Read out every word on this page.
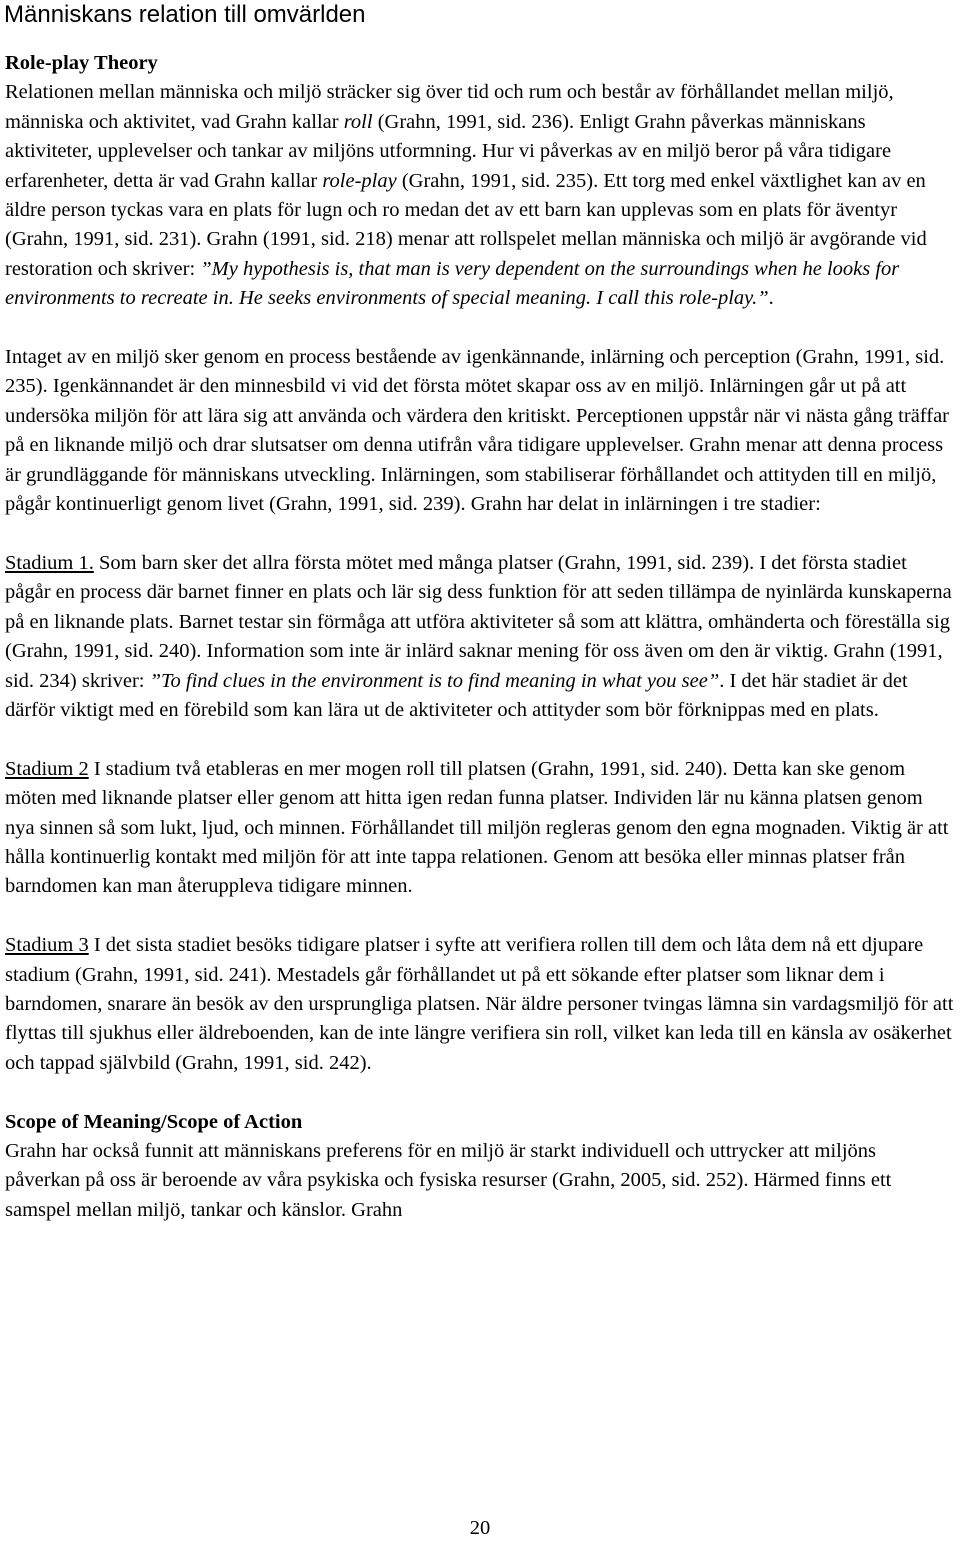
Människans relation till omvärlden
Role-play Theory

Relationen mellan människa och miljö sträcker sig över tid och rum och består av förhållandet mellan miljö, människa och aktivitet, vad Grahn kallar roll (Grahn, 1991, sid. 236). Enligt Grahn påverkas människans aktiviteter, upplevelser och tankar av miljöns utformning. Hur vi påverkas av en miljö beror på våra tidigare erfarenheter, detta är vad Grahn kallar role-play (Grahn, 1991, sid. 235). Ett torg med enkel växtlighet kan av en äldre person tyckas vara en plats för lugn och ro medan det av ett barn kan upplevas som en plats för äventyr (Grahn, 1991, sid. 231). Grahn (1991, sid. 218) menar att rollspelet mellan människa och miljö är avgörande vid restoration och skriver: ”My hypothesis is, that man is very dependent on the surroundings when he looks for environments to recreate in. He seeks environments of special meaning. I call this role-play.”.

Intaget av en miljö sker genom en process bestående av igenkännande, inlärning och perception (Grahn, 1991, sid. 235). Igenkännandet är den minnesbild vi vid det första mötet skapar oss av en miljö. Inlärningen går ut på att undersöka miljön för att lära sig att använda och värdera den kritiskt. Perceptionen uppstår när vi nästa gång träffar på en liknande miljö och drar slutsatser om denna utifrån våra tidigare upplevelser. Grahn menar att denna process är grundläggande för människans utveckling. Inlärningen, som stabiliserar förhållandet och attityden till en miljö, pågår kontinuerligt genom livet (Grahn, 1991, sid. 239). Grahn har delat in inlärningen i tre stadier:

Stadium 1. Som barn sker det allra första mötet med många platser (Grahn, 1991, sid. 239). I det första stadiet pågår en process där barnet finner en plats och lär sig dess funktion för att seden tillämpa de nyinlärda kunskaperna på en liknande plats. Barnet testar sin förmåga att utföra aktiviteter så som att klättra, omhänderta och föreställa sig (Grahn, 1991, sid. 240). Information som inte är inlärd saknar mening för oss även om den är viktig. Grahn (1991, sid. 234) skriver: ”To find clues in the environment is to find meaning in what you see”. I det här stadiet är det därför viktigt med en förebild som kan lära ut de aktiviteter och attityder som bör förknippas med en plats.

Stadium 2 I stadium två etableras en mer mogen roll till platsen (Grahn, 1991, sid. 240). Detta kan ske genom möten med liknande platser eller genom att hitta igen redan funna platser. Individen lär nu känna platsen genom nya sinnen så som lukt, ljud, och minnen. Förhållandet till miljön regleras genom den egna mognaden. Viktig är att hålla kontinuerlig kontakt med miljön för att inte tappa relationen. Genom att besöka eller minnas platser från barndomen kan man återuppleva tidigare minnen.

Stadium 3 I det sista stadiet besöks tidigare platser i syfte att verifiera rollen till dem och låta dem nå ett djupare stadium (Grahn, 1991, sid. 241). Mestadels går förhållandet ut på ett sökande efter platser som liknar dem i barndomen, snarare än besök av den ursprungliga platsen. När äldre personer tvingas lämna sin vardagsmiljö för att flyttas till sjukhus eller äldreboenden, kan de inte längre verifiera sin roll, vilket kan leda till en känsla av osäkerhet och tappad självbild (Grahn, 1991, sid. 242).

Scope of Meaning/Scope of Action

Grahn har också funnit att människans preferens för en miljö är starkt individuell och uttrycker att miljöns påverkan på oss är beroende av våra psykiska och fysiska resurser (Grahn, 2005, sid. 252). Härmed finns ett samspel mellan miljö, tankar och känslor. Grahn

20
